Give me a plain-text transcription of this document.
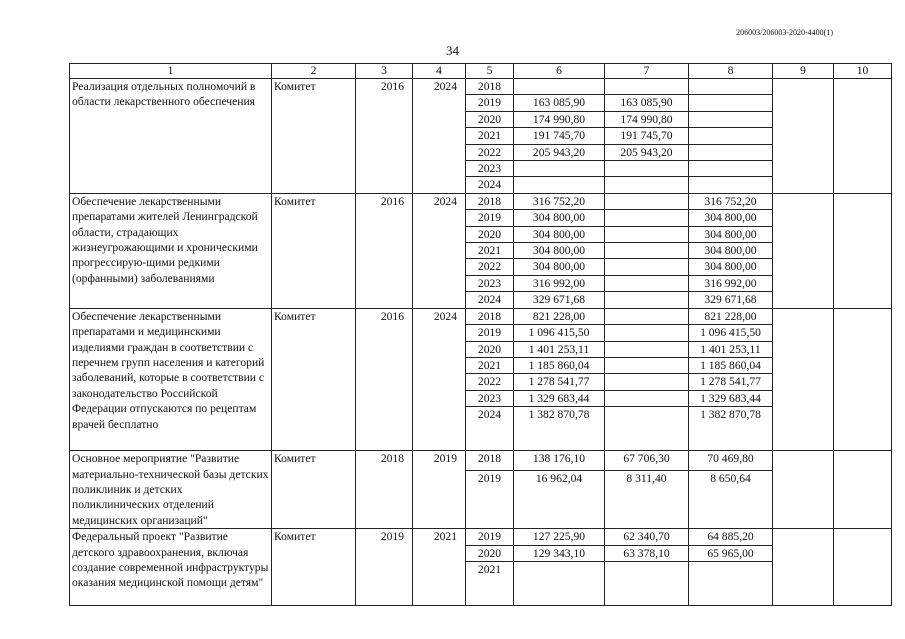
206003/206003-2020-4400(1)
34
1	2	3	4	5	6	7	8	9	10
Реализация отдельных полномочий в области лекарственного обеспечения	Комитет	2016	2024	2018					
				2019	163 085,90	163 085,90			
				2020	174 990,80	174 990,80			
				2021	191 745,70	191 745,70			
				2022	205 943,20	205 943,20			
				2023					
				2024					
Обеспечение лекарственными препаратами жителей Ленинградской области, страдающих жизнеугрожающими и хроническими прогрессирую-щими редкими (орфанными) заболеваниями	Комитет	2016	2024	2018	316 752,20		316 752,20		
				2019	304 800,00		304 800,00		
				2020	304 800,00		304 800,00		
				2021	304 800,00		304 800,00		
				2022	304 800,00		304 800,00		
				2023	316 992,00		316 992,00		
				2024	329 671,68		329 671,68		
Обеспечение лекарственными препаратами и медицинскими изделиями граждан в соответствии с перечнем групп населения и категорий заболеваний, которые в соответствии с законодательство Российской Федерации отпускаются по рецептам врачей бесплатно	Комитет	2016	2024	2018	821 228,00		821 228,00		
				2019	1 096 415,50		1 096 415,50		
				2020	1 401 253,11		1 401 253,11		
				2021	1 185 860,04		1 185 860,04		
				2022	1 278 541,77		1 278 541,77		
				2023	1 329 683,44		1 329 683,44		
				2024	1 382 870,78		1 382 870,78		
Основное мероприятие "Развитие материально-технической базы детских поликлиник и детских поликлинических отделений медицинских организаций"	Комитет	2018	2019	2018	138 176,10	67 706,30	70 469,80		
				2019	16 962,04	8 311,40	8 650,64		
Федеральный проект "Развитие детского здравоохранения, включая создание современной инфраструктуры оказания медицинской помощи детям"	Комитет	2019	2021	2019	127 225,90	62 340,70	64 885,20		
				2020	129 343,10	63 378,10	65 965,00		
				2021					
